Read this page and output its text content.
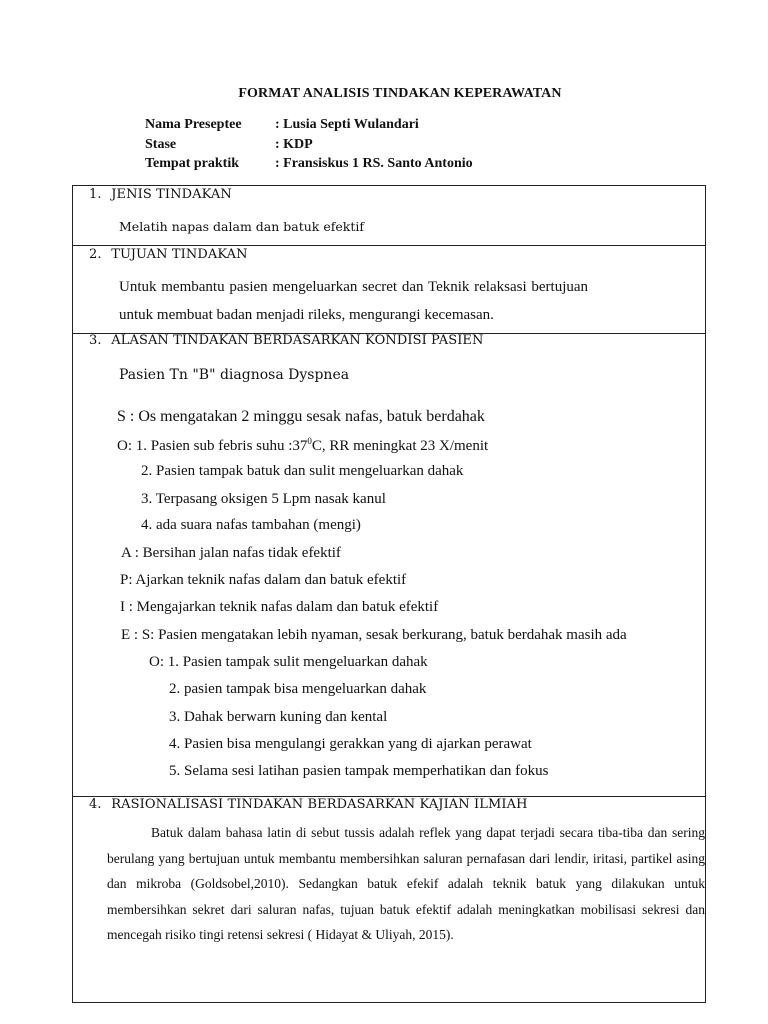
FORMAT ANALISIS TINDAKAN KEPERAWATAN
Nama Preseptee	: Lusia Septi Wulandari
Stase	: KDP
Tempat praktik	: Fransiskus 1 RS. Santo Antonio
1. JENIS TINDAKAN
Melatih napas dalam dan batuk efektif
2. TUJUAN TINDAKAN
Untuk membantu pasien mengeluarkan secret dan Teknik relaksasi bertujuan
untuk membuat badan menjadi rileks, mengurangi kecemasan.
3. ALASAN TINDAKAN BERDASARKAN KONDISI PASIEN
Pasien Tn "B" diagnosa Dyspnea
S : Os mengatakan 2 minggu sesak nafas, batuk berdahak
O: 1. Pasien sub febris suhu $:37^0C$, RR meningkat 23 X/menit
2. Pasien tampak batuk dan sulit mengeluarkan dahak
3. Terpasang oksigen 5 Lpm nasak kanul
4. ada suara nafas tambahan (mengi)
A : Bersihan jalan nafas tidak efektif
P: Ajarkan teknik nafas dalam dan batuk efektif
I : Mengajarkan teknik nafas dalam dan batuk efektif
E : S: Pasien mengatakan lebih nyaman, sesak berkurang, batuk berdahak masih ada
O: 1. Pasien tampak sulit mengeluarkan dahak
2. pasien tampak bisa mengeluarkan dahak
3. Dahak berwarn kuning dan kental
4. Pasien bisa mengulangi gerakkan yang di ajarkan perawat
5. Selama sesi latihan pasien tampak memperhatikan dan fokus
4. RASIONALISASI TINDAKAN BERDASARKAN KAJIAN ILMIAH
Batuk dalam bahasa latin di sebut tussis adalah reflek yang dapat terjadi secara tiba-tiba dan sering berulang yang bertujuan untuk membantu membersihkan saluran pernafasan dari lendir, iritasi, partikel asing dan mikroba (Goldsobel,2010). Sedangkan batuk efekif adalah teknik batuk yang dilakukan untuk membersihkan sekret dari saluran nafas, tujuan batuk efektif adalah meningkatkan mobilisasi sekresi dan mencegah risiko tingi retensi sekresi ( Hidayat & Uliyah, 2015).
